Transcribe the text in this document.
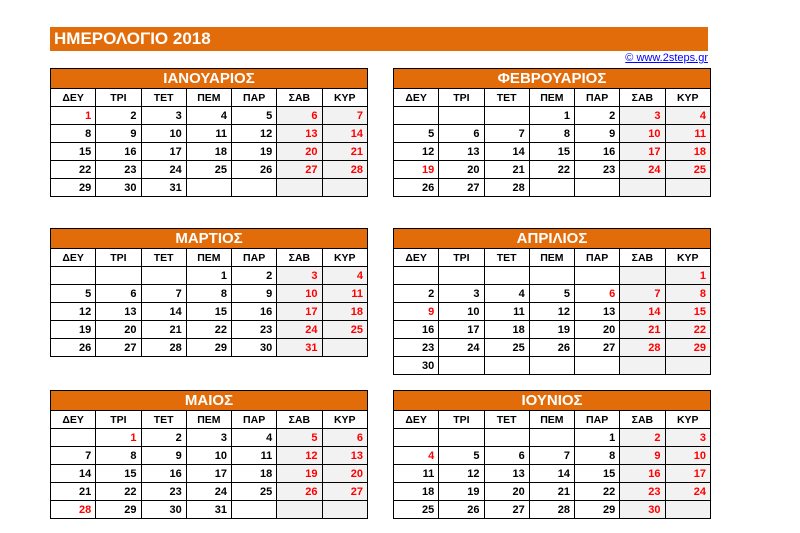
ΗΜΕΡΟΛΟΓΙΟ 2018
© www.2steps.gr
ΙΑΝΟΥΑΡΙΟΣ						
ΔΕΥ	ΤΡΙ	ΤΕΤ	ΠΕΜ	ΠΑΡ	ΣΑΒ	ΚΥΡ
1	2	3	4	5	6	7
8	9	10	11	12	13	14
15	16	17	18	19	20	21
22	23	24	25	26	27	28
29	30	31				
ΦΕΒΡΟΥΑΡΙΟΣ						
ΔΕΥ	ΤΡΙ	ΤΕΤ	ΠΕΜ	ΠΑΡ	ΣΑΒ	ΚΥΡ
			1	2	3	4
5	6	7	8	9	10	11
12	13	14	15	16	17	18
19	20	21	22	23	24	25
26	27	28				
ΜΑΡΤΙΟΣ						
ΔΕΥ	ΤΡΙ	ΤΕΤ	ΠΕΜ	ΠΑΡ	ΣΑΒ	ΚΥΡ
			1	2	3	4
5	6	7	8	9	10	11
12	13	14	15	16	17	18
19	20	21	22	23	24	25
26	27	28	29	30	31	
ΑΠΡΙΛΙΟΣ						
ΔΕΥ	ΤΡΙ	ΤΕΤ	ΠΕΜ	ΠΑΡ	ΣΑΒ	ΚΥΡ
						1
2	3	4	5	6	7	8
9	10	11	12	13	14	15
16	17	18	19	20	21	22
23	24	25	26	27	28	29
30						
ΜΑΙΟΣ						
ΔΕΥ	ΤΡΙ	ΤΕΤ	ΠΕΜ	ΠΑΡ	ΣΑΒ	ΚΥΡ
	1	2	3	4	5	6
7	8	9	10	11	12	13
14	15	16	17	18	19	20
21	22	23	24	25	26	27
28	29	30	31			
ΙΟΥΝΙΟΣ						
ΔΕΥ	ΤΡΙ	ΤΕΤ	ΠΕΜ	ΠΑΡ	ΣΑΒ	ΚΥΡ
				1	2	3
4	5	6	7	8	9	10
11	12	13	14	15	16	17
18	19	20	21	22	23	24
25	26	27	28	29	30	
